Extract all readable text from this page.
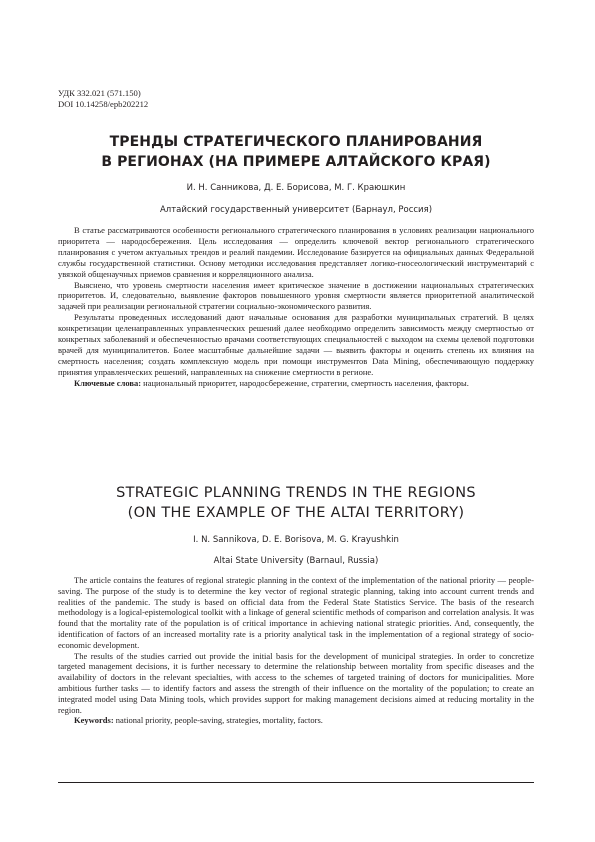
УДК 332.021 (571.150)
DOI 10.14258/epb202212
ТРЕНДЫ СТРАТЕГИЧЕСКОГО ПЛАНИРОВАНИЯ
В РЕГИОНАХ (НА ПРИМЕРЕ АЛТАЙСКОГО КРАЯ)
И. Н. Санникова, Д. Е. Борисова, М. Г. Краюшкин
Алтайский государственный университет (Барнаул, Россия)

В статье рассматриваются особенности регионального стратегического планирования в условиях реализации национального приоритета — народосбережения. Цель исследования — определить ключевой вектор регионального стратегического планирования с учетом актуальных трендов и реалий пандемии. Исследование базируется на официальных данных Федеральной службы государственной статистики. Основу методики исследования представляет логико-гносеологический инструментарий с увязкой общенаучных приемов сравнения и корреляционного анализа.

Выяснено, что уровень смертности населения имеет критическое значение в достижении национальных стратегических приоритетов. И, следовательно, выявление факторов повышенного уровня смертности является приоритетной аналитической задачей при реализации региональной стратегии социально-экономического развития.

Результаты проведенных исследований дают начальные основания для разработки муниципальных стратегий. В целях конкретизации целенаправленных управленческих решений далее необходимо определить зависимость между смертностью от конкретных заболеваний и обеспеченностью врачами соответствующих специальностей с выходом на схемы целевой подготовки врачей для муниципалитетов. Более масштабные дальнейшие задачи — выявить факторы и оценить степень их влияния на смертность населения; создать комплексную модель при помощи инструментов Data Mining, обеспечивающую поддержку принятия управленческих решений, направленных на снижение смертности в регионе.

Ключевые слова: национальный приоритет, народосбережение, стратегии, смертность населения, факторы.

STRATEGIC PLANNING TRENDS IN THE REGIONS
(ON THE EXAMPLE OF THE ALTAI TERRITORY)
I. N. Sannikova, D. E. Borisova, M. G. Krayushkin
Altai State University (Barnaul, Russia)

The article contains the features of regional strategic planning in the context of the implementation of the national priority — people-saving. The purpose of the study is to determine the key vector of regional strategic planning, taking into account current trends and realities of the pandemic. The study is based on official data from the Federal State Statistics Service. The basis of the research methodology is a logical-epistemological toolkit with a linkage of general scientific methods of comparison and correlation analysis. It was found that the mortality rate of the population is of critical importance in achieving national strategic priorities. And, consequently, the identification of factors of an increased mortality rate is a priority analytical task in the implementation of a regional strategy of socio-economic development.

The results of the studies carried out provide the initial basis for the development of municipal strategies. In order to concretize targeted management decisions, it is further necessary to determine the relationship between mortality from specific diseases and the availability of doctors in the relevant specialties, with access to the schemes of targeted training of doctors for municipalities. More ambitious further tasks — to identify factors and assess the strength of their influence on the mortality of the population; to create an integrated model using Data Mining tools, which provides support for making management decisions aimed at reducing mortality in the region.

Keywords: national priority, people-saving, strategies, mortality, factors.
